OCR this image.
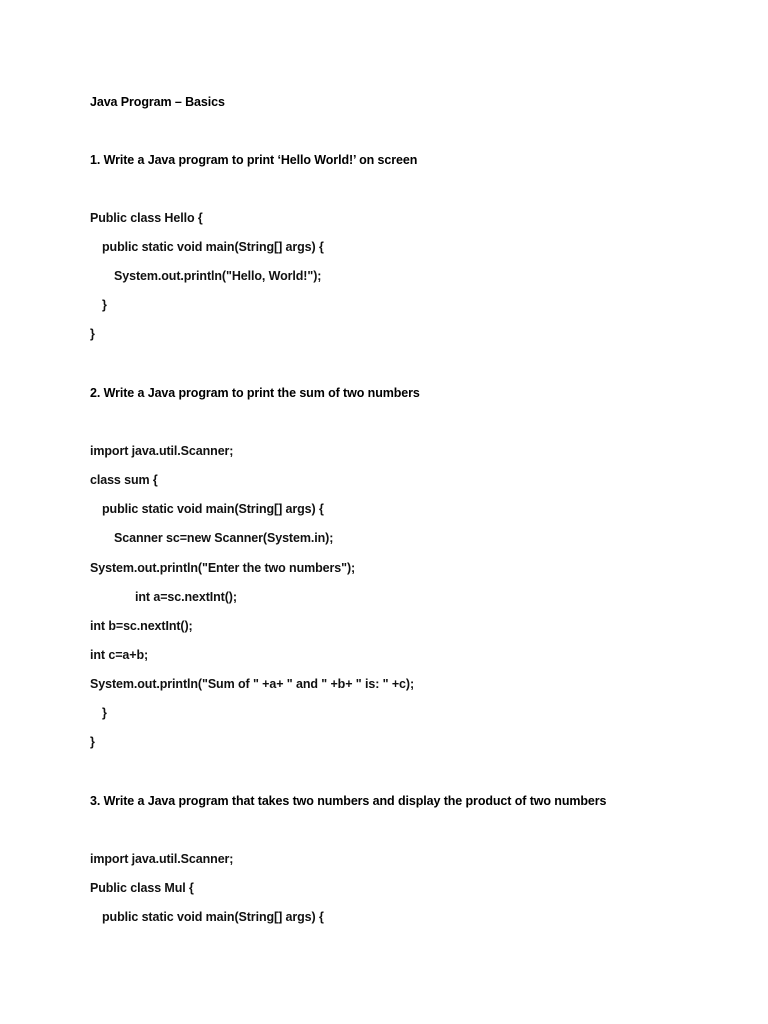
Java Program – Basics
1. Write a Java program to print ‘Hello World!’ on screen
Public class Hello {
public static void main(String[] args) {
System.out.println("Hello, World!");
}
}
2. Write a Java program to print the sum of two numbers
import java.util.Scanner;
class sum {
public static void main(String[] args) {
Scanner sc=new Scanner(System.in);
System.out.println("Enter the two numbers");
int a=sc.nextInt();
int b=sc.nextInt();
int c=a+b;
System.out.println("Sum of " +a+ " and " +b+ " is: " +c);
}
}
3. Write a Java program that takes two numbers and display the product of two numbers
import java.util.Scanner;
Public class Mul {
public static void main(String[] args) {
